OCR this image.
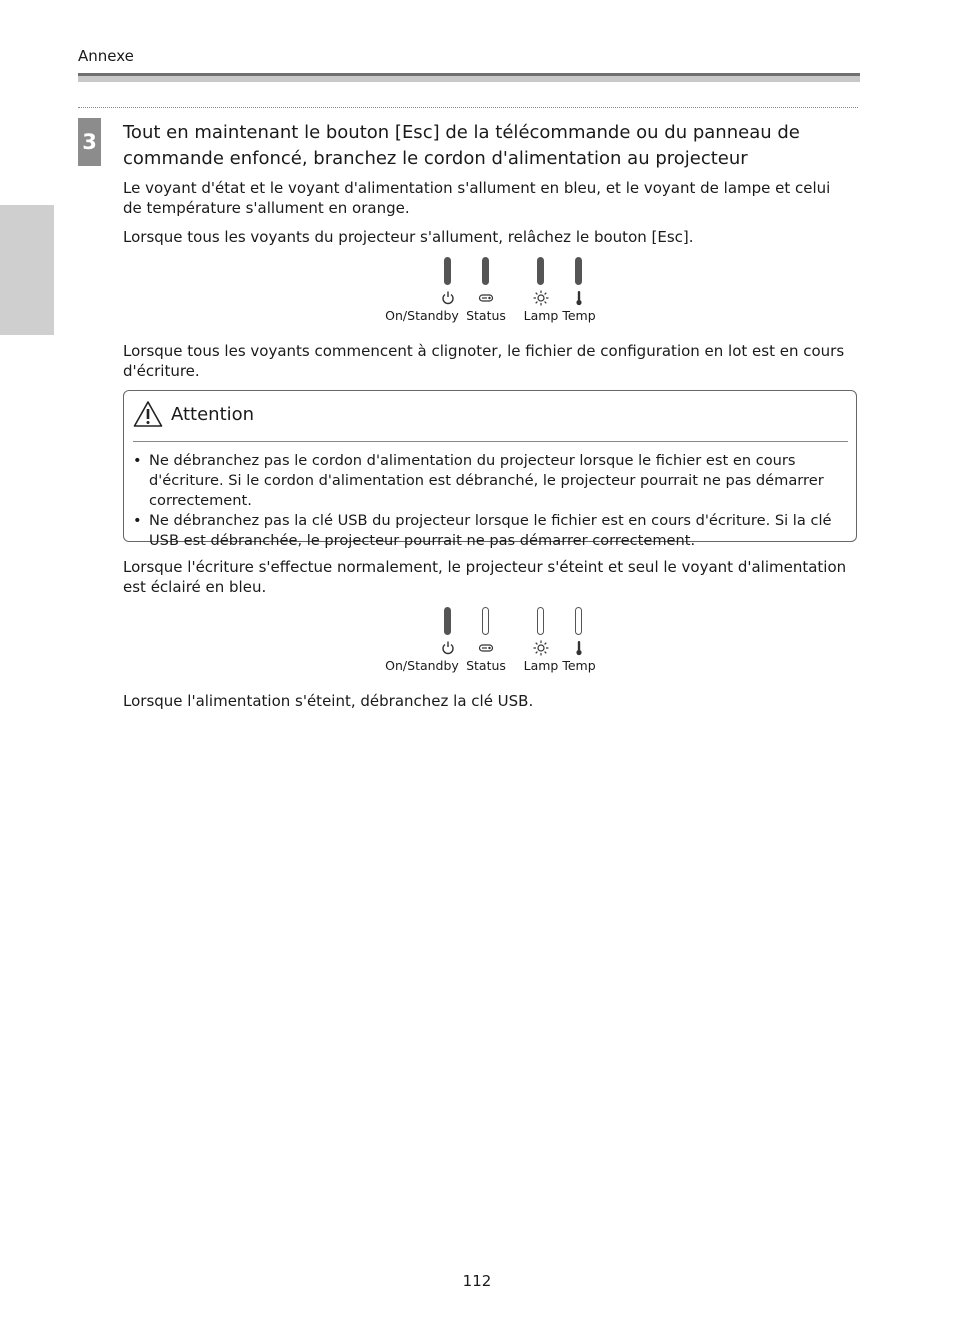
Annexe
3 Tout en maintenant le bouton [Esc] de la télécommande ou du panneau de commande enfoncé, branchez le cordon d'alimentation au projecteur

Le voyant d'état et le voyant d'alimentation s'allument en bleu, et le voyant de lampe et celui de température s'allument en orange.

Lorsque tous les voyants du projecteur s'allument, relâchez le bouton [Esc].

On/Standby Status Lamp Temp

Lorsque tous les voyants commencent à clignoter, le fichier de configuration en lot est en cours d'écriture.

Attention
• Ne débranchez pas le cordon d'alimentation du projecteur lorsque le fichier est en cours d'écriture. Si le cordon d'alimentation est débranché, le projecteur pourrait ne pas démarrer correctement.
• Ne débranchez pas la clé USB du projecteur lorsque le fichier est en cours d'écriture. Si la clé USB est débranchée, le projecteur pourrait ne pas démarrer correctement.

Lorsque l'écriture s'effectue normalement, le projecteur s'éteint et seul le voyant d'alimentation est éclairé en bleu.

On/Standby Status Lamp Temp

Lorsque l'alimentation s'éteint, débranchez la clé USB.

112
